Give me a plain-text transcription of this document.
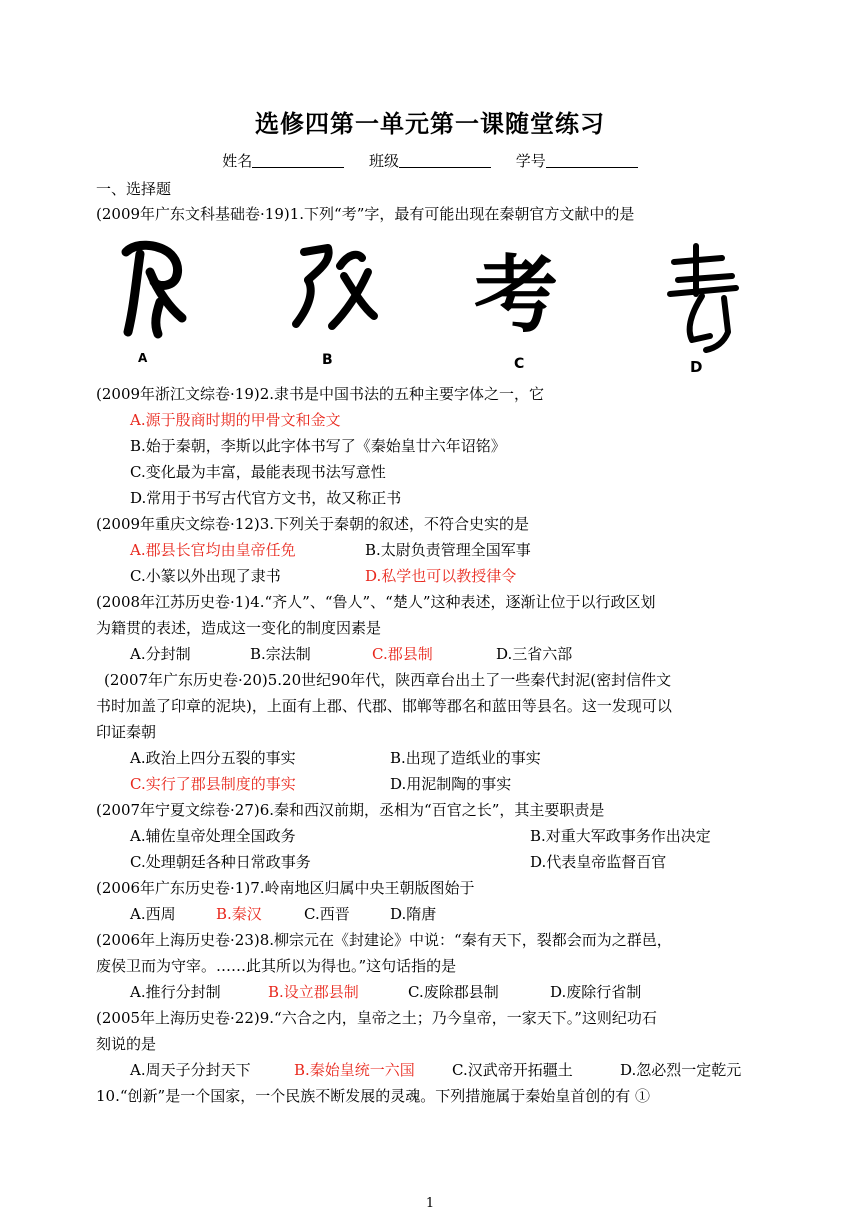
选修四第一单元第一课随堂练习
姓名	班级	学号
一、选择题
(2009年广东文科基础卷·19)1.下列“考”字，最有可能出现在秦朝官方文献中的是
考
A	B	C	D
(2009年浙江文综卷·19)2.隶书是中国书法的五种主要字体之一，它
A.源于殷商时期的甲骨文和金文
B.始于秦朝，李斯以此字体书写了《秦始皇廿六年诏铭》
C.变化最为丰富，最能表现书法写意性
D.常用于书写古代官方文书，故又称正书
(2009年重庆文综卷·12)3.下列关于秦朝的叙述，不符合史实的是
A.郡县长官均由皇帝任免	B.太尉负责管理全国军事
C.小篆以外出现了隶书	D.私学也可以教授律令
(2008年江苏历史卷·1)4.“齐人”、“鲁人”、“楚人”这种表述，逐渐让位于以行政区划
为籍贯的表述，造成这一变化的制度因素是
A.分封制	B.宗法制	C.郡县制	D.三省六部
(2007年广东历史卷·20)5.20世纪90年代，陕西章台出土了一些秦代封泥(密封信件文
书时加盖了印章的泥块)，上面有上郡、代郡、邯郸等郡名和蓝田等县名。这一发现可以
印证秦朝
A.政治上四分五裂的事实	B.出现了造纸业的事实
C.实行了郡县制度的事实	D.用泥制陶的事实
(2007年宁夏文综卷·27)6.秦和西汉前期，丞相为“百官之长”，其主要职责是
A.辅佐皇帝处理全国政务	B.对重大军政事务作出决定
C.处理朝廷各种日常政事务	D.代表皇帝监督百官
(2006年广东历史卷·1)7.岭南地区归属中央王朝版图始于
A.西周	B.秦汉	C.西晋	D.隋唐
(2006年上海历史卷·23)8.柳宗元在《封建论》中说：“秦有天下，裂都会而为之群邑，
废侯卫而为守宰。……此其所以为得也。”这句话指的是
A.推行分封制	B.设立郡县制	C.废除郡县制	D.废除行省制
(2005年上海历史卷·22)9.“六合之内，皇帝之土；乃今皇帝，一家天下。”这则纪功石
刻说的是
A.周天子分封天下	B.秦始皇统一六国 C.汉武帝开拓疆土	D.忽必烈一定乾元
10.“创新”是一个国家，一个民族不断发展的灵魂。下列措施属于秦始皇首创的有 ①
1
